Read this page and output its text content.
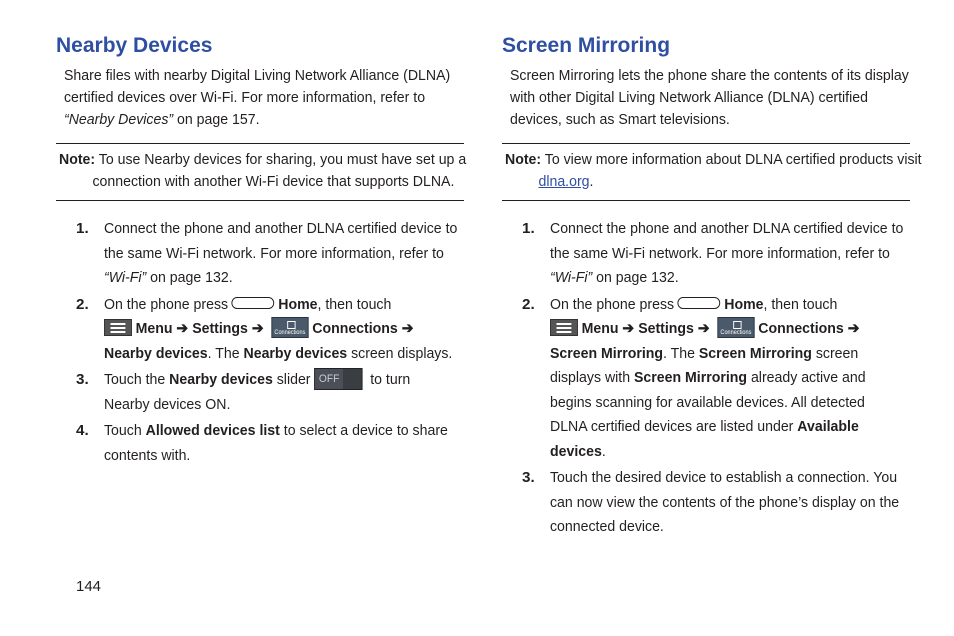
Nearby Devices
Share files with nearby Digital Living Network Alliance (DLNA) certified devices over Wi-Fi. For more information, refer to “Nearby Devices” on page 157.
Note: To use Nearby devices for sharing, you must have set up a connection with another Wi-Fi device that supports DLNA.
1.	Connect the phone and another DLNA certified device to the same Wi-Fi network. For more information, refer to “Wi-Fi” on page 132.
2.	On the phone press	Home, then touch
Menu ➔ Settings ➔ Connections Connections ➔ Nearby devices. The Nearby devices screen displays.
3.	Touch the Nearby devices slider OFF to turn Nearby devices ON.
4.	Touch Allowed devices list to select a device to share contents with.
Screen Mirroring
Screen Mirroring lets the phone share the contents of its display with other Digital Living Network Alliance (DLNA) certified devices, such as Smart televisions.
Note: To view more information about DLNA certified products visit dlna.org.
1.	Connect the phone and another DLNA certified device to the same Wi-Fi network. For more information, refer to “Wi-Fi” on page 132.
2.	On the phone press	Home, then touch
Menu ➔ Settings ➔ Connections Connections ➔ Screen Mirroring. The Screen Mirroring screen displays with Screen Mirroring already active and begins scanning for available devices. All detected DLNA certified devices are listed under Available devices.
3.	Touch the desired device to establish a connection. You can now view the contents of the phone’s display on the connected device.
144
